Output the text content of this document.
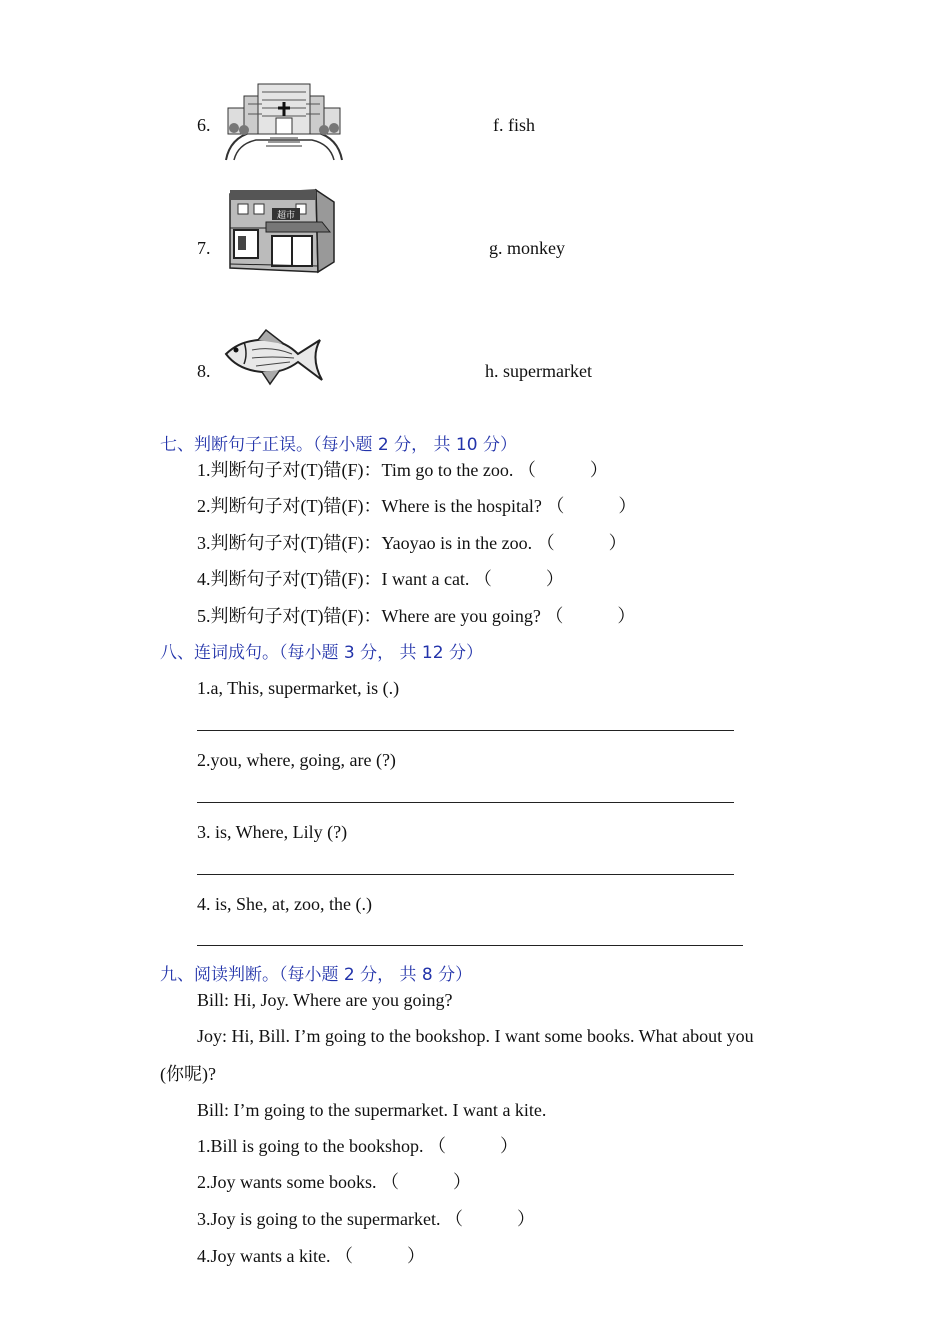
6.	f. fish
7.
超市
g. monkey
8.	h. supermarket
七、判断句子正误。（每小题 2 分， 共 10 分）
1.判断句子对(T)错(F)：Tim go to the zoo. （　　　）
2.判断句子对(T)错(F)：Where is the hospital? （　　　）
3.判断句子对(T)错(F)：Yaoyao is in the zoo. （　　　）
4.判断句子对(T)错(F)：I want a cat. （　　　）
5.判断句子对(T)错(F)：Where are you going? （　　　）
八、连词成句。（每小题 3 分， 共 12 分）
1.a, This, supermarket, is (.)
2.you, where, going, are (?)
3. is, Where, Lily (?)
4. is, She, at, zoo, the (.)
九、阅读判断。（每小题 2 分， 共 8 分）
Bill: Hi, Joy. Where are you going?
Joy: Hi, Bill. I’m going to the bookshop. I want some books. What about you
(你呢)?
Bill: I’m going to the supermarket. I want a kite.
1.Bill is going to the bookshop. （　　　）
2.Joy wants some books. （　　　）
3.Joy is going to the supermarket. （　　　）
4.Joy wants a kite. （　　　）
